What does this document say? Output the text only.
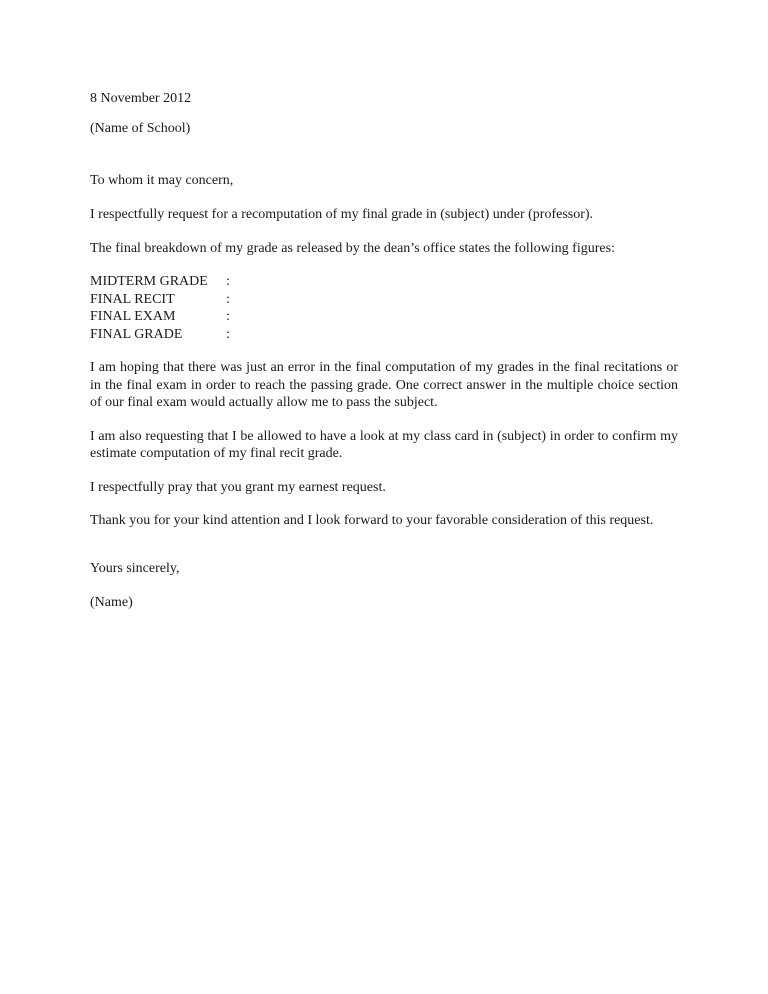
8 November 2012

(Name of School)

To whom it may concern,

I respectfully request for a recomputation of my final grade in (subject) under (professor).

The final breakdown of my grade as released by the dean’s office states the following figures:

MIDTERM GRADE	:
FINAL RECIT	:
FINAL EXAM	:
FINAL GRADE	:

I am hoping that there was just an error in the final computation of my grades in the final recitations or in the final exam in order to reach the passing grade. One correct answer in the multiple choice section of our final exam would actually allow me to pass the subject.

I am also requesting that I be allowed to have a look at my class card in (subject) in order to confirm my estimate computation of my final recit grade.

I respectfully pray that you grant my earnest request.

Thank you for your kind attention and I look forward to your favorable consideration of this request.

Yours sincerely,

(Name)
